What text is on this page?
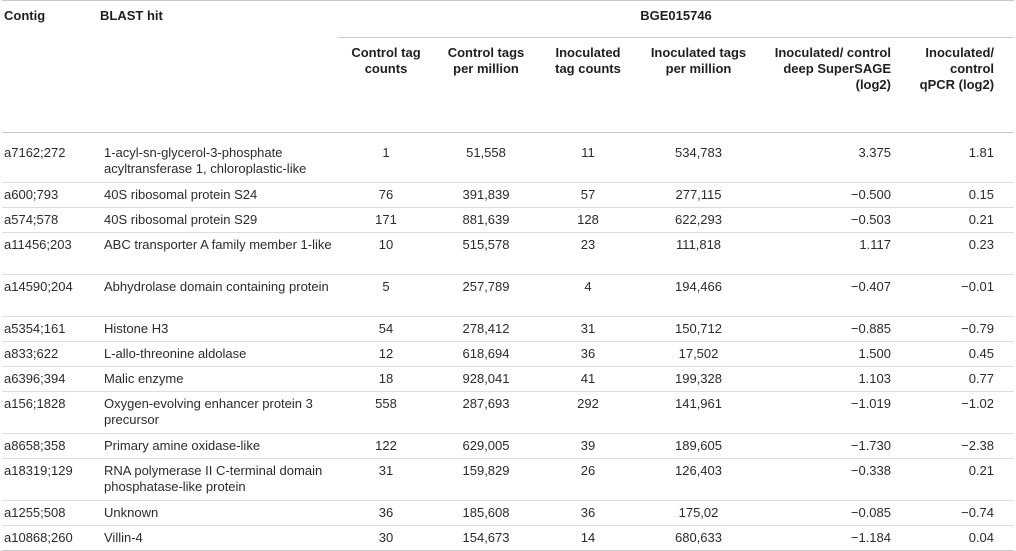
Contig	BLAST hit	BGE015746					
		Control tag counts	Control tags per million	Inoculated tag counts	Inoculated tags per million	Inoculated/ control deep SuperSAGE (log2)	Inoculated/ control qPCR (log2)
a7162;272	1-acyl-sn-glycerol-3-phosphate acyltransferase 1, chloroplastic-like	1	51,558	11	534,783	3.375	1.81
a600;793	40S ribosomal protein S24	76	391,839	57	277,115	−0.500	0.15
a574;578	40S ribosomal protein S29	171	881,639	128	622,293	−0.503	0.21
a11456;203	ABC transporter A family member 1-like	10	515,578	23	111,818	1.117	0.23
a14590;204	Abhydrolase domain containing protein	5	257,789	4	194,466	−0.407	−0.01
a5354;161	Histone H3	54	278,412	31	150,712	−0.885	−0.79
a833;622	L-allo-threonine aldolase	12	618,694	36	17,502	1.500	0.45
a6396;394	Malic enzyme	18	928,041	41	199,328	1.103	0.77
a156;1828	Oxygen-evolving enhancer protein 3 precursor	558	287,693	292	141,961	−1.019	−1.02
a8658;358	Primary amine oxidase-like	122	629,005	39	189,605	−1.730	−2.38
a18319;129	RNA polymerase II C-terminal domain phosphatase-like protein	31	159,829	26	126,403	−0.338	0.21
a1255;508	Unknown	36	185,608	36	175,02	−0.085	−0.74
a10868;260	Villin-4	30	154,673	14	680,633	−1.184	0.04
